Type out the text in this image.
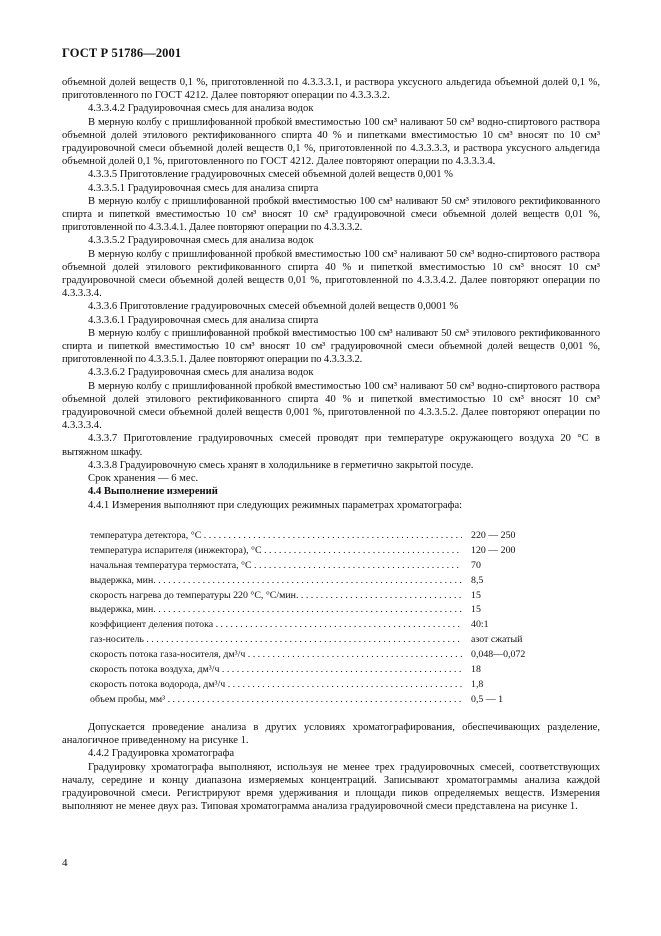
ГОСТ Р 51786—2001

объемной долей веществ 0,1 %, приготовленной по 4.3.3.3.1, и раствора уксусного альдегида объемной долей 0,1 %, приготовленного по ГОСТ 4212. Далее повторяют операции по 4.3.3.3.2.

4.3.3.4.2 Градуировочная смесь для анализа водок

В мерную колбу с пришлифованной пробкой вместимостью 100 см³ наливают 50 см³ водно-спиртового раствора объемной долей этилового ректификованного спирта 40 % и пипетками вместимостью 10 см³ вносят по 10 см³ градуировочной смеси объемной долей веществ 0,1 %, приготовленной по 4.3.3.3.3, и раствора уксусного альдегида объемной долей 0,1 %, приготовленного по ГОСТ 4212. Далее повторяют операции по 4.3.3.3.4.

4.3.3.5 Приготовление градуировочных смесей объемной долей веществ 0,001 %

4.3.3.5.1 Градуировочная смесь для анализа спирта

В мерную колбу с пришлифованной пробкой вместимостью 100 см³ наливают 50 см³ этилового ректификованного спирта и пипеткой вместимостью 10 см³ вносят 10 см³ градуировочной смеси объемной долей веществ 0,01 %, приготовленной по 4.3.3.4.1. Далее повторяют операции по 4.3.3.3.2.

4.3.3.5.2 Градуировочная смесь для анализа водок

В мерную колбу с пришлифованной пробкой вместимостью 100 см³ наливают 50 см³ водно-спиртового раствора объемной долей этилового ректификованного спирта 40 % и пипеткой вместимостью 10 см³ вносят 10 см³ градуировочной смеси объемной долей веществ 0,01 %, приготовленной по 4.3.3.4.2. Далее повторяют операции по 4.3.3.3.4.

4.3.3.6 Приготовление градуировочных смесей объемной долей веществ 0,0001 %

4.3.3.6.1 Градуировочная смесь для анализа спирта

В мерную колбу с пришлифованной пробкой вместимостью 100 см³ наливают 50 см³ этилового ректификованного спирта и пипеткой вместимостью 10 см³ вносят 10 см³ градуировочной смеси объемной долей веществ 0,001 %, приготовленной по 4.3.3.5.1. Далее повторяют операции по 4.3.3.3.2.

4.3.3.6.2 Градуировочная смесь для анализа водок

В мерную колбу с пришлифованной пробкой вместимостью 100 см³ наливают 50 см³ водно-спиртового раствора объемной долей этилового ректификованного спирта 40 % и пипеткой вместимостью 10 см³ вносят 10 см³ градуировочной смеси объемной долей веществ 0,001 %, приготовленной по 4.3.3.5.2. Далее повторяют операции по 4.3.3.3.4.

4.3.3.7 Приготовление градуировочных смесей проводят при температуре окружающего воздуха 20 °С в вытяжном шкафу.

4.3.3.8 Градуировочную смесь хранят в холодильнике в герметично закрытой посуде.

Срок хранения — 6 мес.

4.4 Выполнение измерений

4.4.1 Измерения выполняют при следующих режимных параметрах хроматографа:

температура детектора, °С . . .	220 — 250
температура испарителя (инжектора), °С . . .	120 — 200
начальная температура термостата, °С . . .	70
выдержка, мин. . . .	8,5
скорость нагрева до температуры 220 °С, °С/мин. . . .	15
выдержка, мин. . . .	15
коэффициент деления потока . . .	40:1
газ-носитель . . .	азот сжатый
скорость потока газа-носителя, дм³/ч . . .	0,048—0,072
скорость потока воздуха, дм³/ч . . .	18
скорость потока водорода, дм³/ч . . .	1,8
объем пробы, мм³ . . .	0,5 — 1

Допускается проведение анализа в других условиях хроматографирования, обеспечивающих разделение, аналогичное приведенному на рисунке 1.

4.4.2 Градуировка хроматографа

Градуировку хроматографа выполняют, используя не менее трех градуировочных смесей, соответствующих началу, середине и концу диапазона измеряемых концентраций. Записывают хроматограммы анализа каждой градуировочной смеси. Регистрируют время удерживания и площади пиков определяемых веществ. Измерения выполняют не менее двух раз. Типовая хроматограмма анализа градуировочной смеси представлена на рисунке 1.

4
